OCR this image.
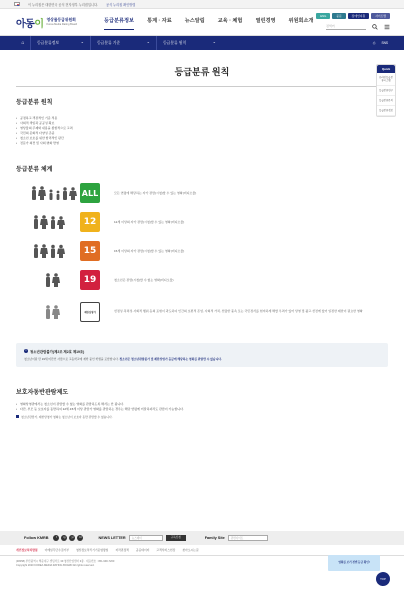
이 누리집은 대한민국 공식 전자정부 누리집입니다.	공식 누리집 확인방법
아동이 영상물등급위원회
Korea Media Rating Board
등급분류정보	통계 · 자료	뉴스알림	교육 · 체험	열린경영	위원회소개
ENG	중문	장애인지원	사이트맵
검색어
⌂	등급분류정보 ⌄	등급분류 기준 ⌄	등급분류 원칙 ⌄	⎙ SNS
등급분류 원칙
등급분류 원칙
• 공정하고 객관적인 기준 적용
• 사회적 책임과 공공성 확보
• 영상물의 주제와 내용을 종합적으로 고려
• 국민의 문화적 다양성 존중
• 청소년 보호를 위한 합리적인 판단
• 전문가 의견 및 사회 변화 반영
등급분류 체계
ALL	모든 연령에 해당하는 자가 관람(시청)할 수 있는 영화(비디오물)
12	12세 이상의 자가 관람(시청)할 수 있는 영화(비디오물)
15	15세 이상의 자가 관람(시청)할 수 있는 영화(비디오물)
19	청소년은 관람(시청)할 수 없는 영화(비디오물)
제한상영가	선정성·폭력성·사회적 행위 등의 표현이 과도하여 인간의 보편적 존엄, 사회적 가치, 선량한 풍속 또는 국민정서를 현저하게 해할 우려가 있어 상영 및 광고·선전에 있어 일정한 제한이 필요한 영화
i	청소년관람불가(제2조 제2호 제19조)

청소년이란 만 19세 미만인 사람으로 고등학교에 재학 중인 학생을 포함합니다. 청소년은 청소년관람불가 및 제한상영가 등급에 해당하는 영화를 관람할 수 없습니다.

보호자동반관람제도
• 영화상영관에서는 청소년이 관람할 수 없는 영화를 관람하도록 해서는 안 됩니다.
• 다만, 부모 등 보호자를 동반하여 12세·15세 이상 관람가 영화를 관람하는 경우는 해당 연령에 미달하더라도 관람이 가능합니다.
청소년관람가, 제한상영가 영화는 청소년이 보호자 동반 관람할 수 없습니다.
Quick
온라인등급분류시스템
등급분류연구
등급분류문의
등급분류정보
Follow KMRB	f	ig	yt	bl	NEWS LETTER	뉴스레터	구독신청	Family Site	관련사이트
개인정보처리방침	이메일무단수집거부	영상정보처리기기운영방침	저작권정책	공공데이터	고객서비스헌장	찾아오시는길
(48058) 부산광역시 해운대구 센텀서로 39 영상산업센터 3층 · 대표번호 : 051-990-7200
Copyright 2020 KOREA MEDIA RATING BOARD All rights reserved.
영화를 보기 전엔 등급 확인!
TOP
